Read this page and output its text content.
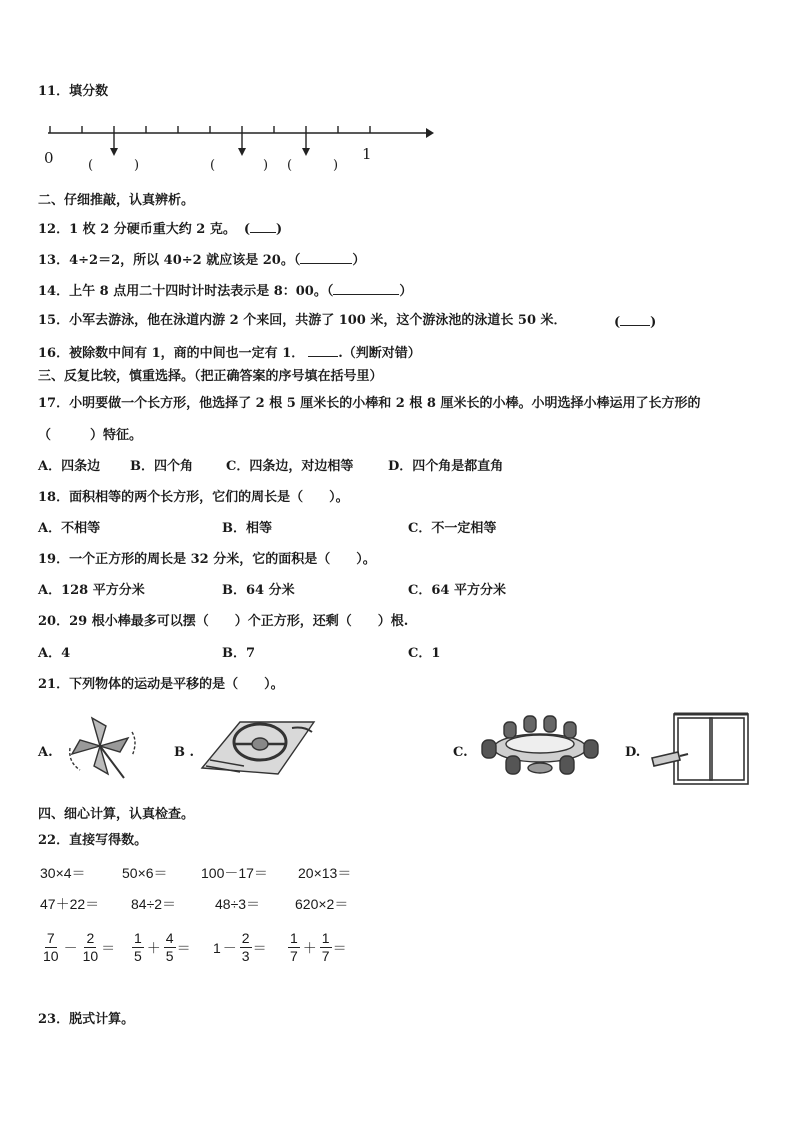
11．填分数
0	1
(	)	(	) (	)
二、仔细推敲，认真辨析。
12．1 枚 2 分硬币重大约 2 克。 ( )
13．4÷2＝2，所以 40÷2 就应该是 20。（	）
14．上午 8 点用二十四时计时法表示是 8：00。（	）
15．小军去游泳，他在泳道内游 2 个来回，共游了 100 米，这个游泳池的泳道长 50 米．	( )
16．被除数中间有 1，商的中间也一定有 1．	.（判断对错）
三、反复比较，慎重选择。（把正确答案的序号填在括号里）
17．小明要做一个长方形，他选择了 2 根 5 厘米长的小棒和 2 根 8 厘米长的小棒。小明选择小棒运用了长方形的
（　　　）特征。
A．四条边 B．四个角	C．四条边，对边相等	D．四个角是都直角
18．面积相等的两个长方形，它们的周长是（　　）。
A．不相等	B．相等	C．不一定相等
19．一个正方形的周长是 32 分米，它的面积是（　　）。
A．128 平方分米	B．64 分米	C．64 平方分米
20．29 根小棒最多可以摆（　　）个正方形，还剩（　　）根.
A．4	B．7	C．1
21．下列物体的运动是平移的是（　　）。
A.	B .	C.	D.
四、细心计算，认真检查。
22．直接写得数。
30×4＝	50×6＝ 100－17＝ 20×13＝
47＋22＝ 84÷2＝	48÷3＝ 620×2＝
$\frac{7}{10} - \frac{2}{10} = \frac{1}{5} + \frac{4}{5} = 1 - \frac{2}{3} = \frac{1}{7} + \frac{1}{7}$ ＝
23．脱式计算。
